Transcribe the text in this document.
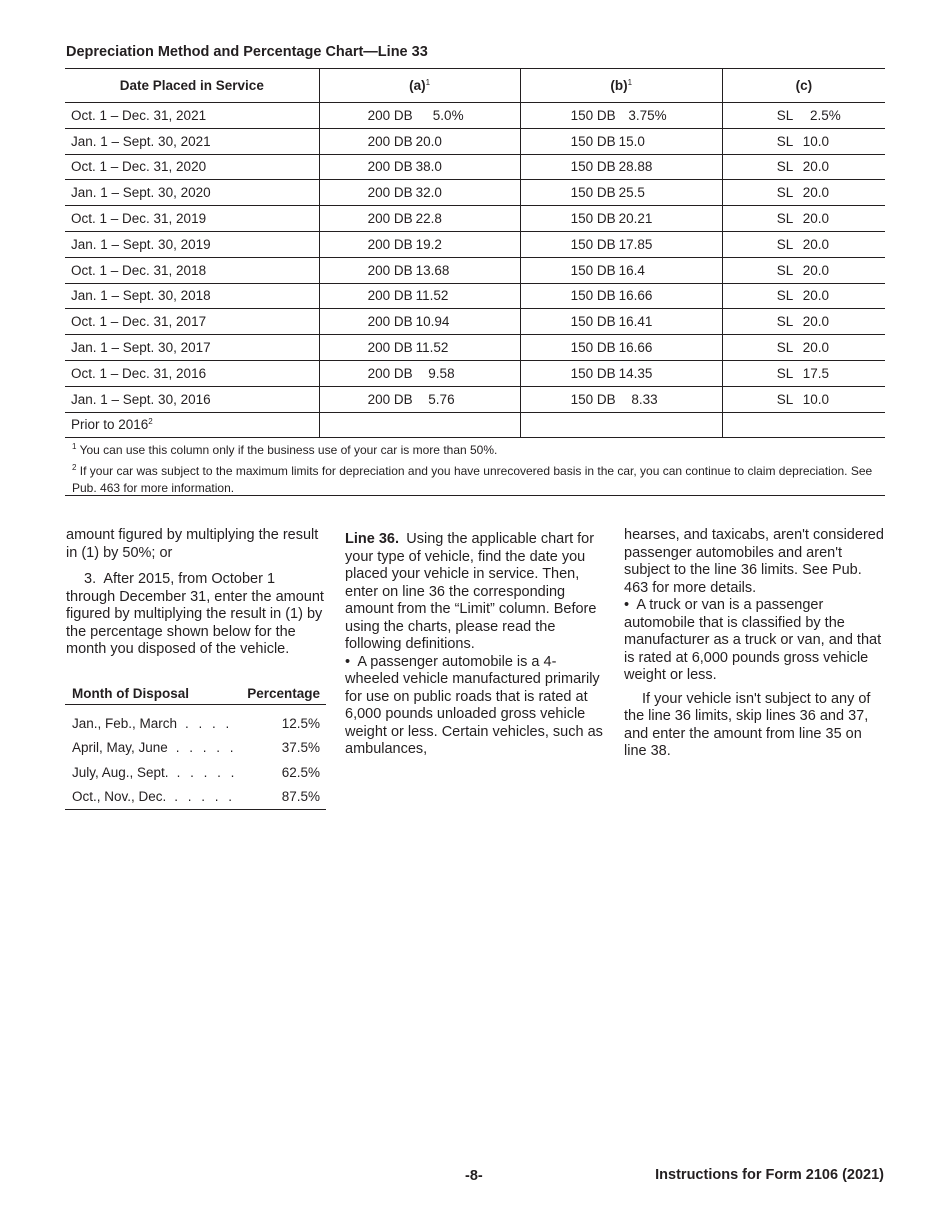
Depreciation Method and Percentage Chart—Line 33
Date Placed in Service	(a)$^1$	(b)$^1$	(c)
Oct. 1 – Dec. 31, 2021	200 DB 5.0%	150 DB 3.75%	SL 2.5%

Jan. 1 – Sept. 30, 2021	200 DB 20.0	150 DB 15.0	SL 10.0

Oct. 1 – Dec. 31, 2020	200 DB 38.0	150 DB 28.88	SL 20.0

Jan. 1 – Sept. 30, 2020	200 DB 32.0	150 DB 25.5	SL 20.0

Oct. 1 – Dec. 31, 2019	200 DB 22.8	150 DB 20.21	SL 20.0

Jan. 1 – Sept. 30, 2019	200 DB 19.2	150 DB 17.85	SL 20.0

Oct. 1 – Dec. 31, 2018	200 DB 13.68	150 DB 16.4	SL 20.0

Jan. 1 – Sept. 30, 2018	200 DB 11.52	150 DB 16.66	SL 20.0

Oct. 1 – Dec. 31, 2017	200 DB 10.94	150 DB 16.41	SL 20.0

Jan. 1 – Sept. 30, 2017	200 DB 11.52	150 DB 16.66	SL 20.0

Oct. 1 – Dec. 31, 2016	200 DB 9.58	150 DB 14.35	SL 17.5

Jan. 1 – Sept. 30, 2016	200 DB 5.76	150 DB 8.33	SL 10.0

Prior to 2016$^2$			

$^1$ You can use this column only if the business use of your car is more than 50%.

$^2$ If your car was subject to the maximum limits for depreciation and you have unrecovered basis in the car, you can continue to claim depreciation. See Pub. 463 for more information.

amount figured by multiplying the result in (1) by 50%; or

3. After 2015, from October 1 through December 31, enter the amount figured by multiplying the result in (1) by the percentage shown below for the month you disposed of the vehicle.

Month of Disposal	Percentage
Jan., Feb., March . . . .	12.5%
April, May, June . . . . .	37.5%
July, Aug., Sept. . . . . .	62.5%
Oct., Nov., Dec. . . . . .	87.5%

Line 36. Using the applicable chart for your type of vehicle, find the date you placed your vehicle in service. Then, enter on line 36 the corresponding amount from the “Limit” column. Before using the charts, please read the following definitions.

• A passenger automobile is a 4-wheeled vehicle manufactured primarily for use on public roads that is rated at 6,000 pounds unloaded gross vehicle weight or less. Certain vehicles, such as ambulances,

hearses, and taxicabs, aren't considered passenger automobiles and aren't subject to the line 36 limits. See Pub. 463 for more details.

• A truck or van is a passenger automobile that is classified by the manufacturer as a truck or van, and that is rated at 6,000 pounds gross vehicle weight or less.

If your vehicle isn't subject to any of the line 36 limits, skip lines 36 and 37, and enter the amount from line 35 on line 38.

-8-	Instructions for Form 2106 (2021)
